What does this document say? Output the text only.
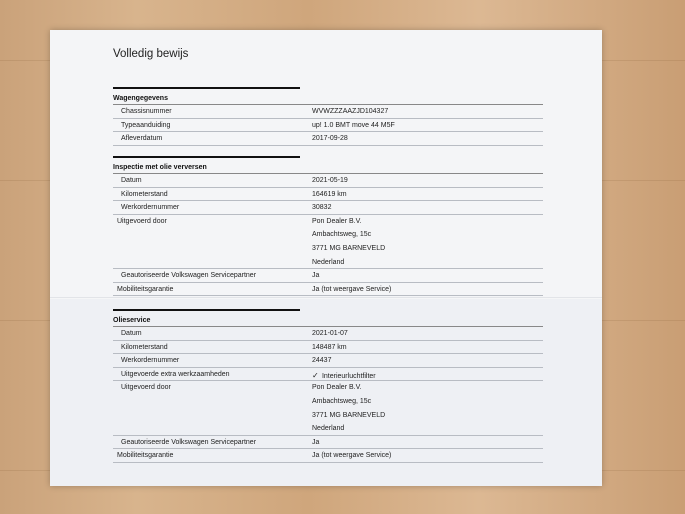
Volledig bewijs
Wagengegevens
Chassisnummer	WVWZZZAAZJD104327
Typeaanduiding	up! 1.0 BMT move 44 M5F
Afleverdatum	2017-09-28
Inspectie met olie verversen
Datum	2021-05-19
Kilometerstand	164619 km
Werkordernummer	30832
Uitgevoerd door	Pon Dealer B.V.
Ambachtsweg, 15c
3771 MG BARNEVELD
Nederland
Geautoriseerde Volkswagen Servicepartner	Ja
Mobiliteitsgarantie	Ja (tot weergave Service)
Olieservice
Datum	2021-01-07
Kilometerstand	148487 km
Werkordernummer	24437
Uitgevoerde extra werkzaamheden	✓ Interieurluchtfilter
Uitgevoerd door	Pon Dealer B.V.
Ambachtsweg, 15c
3771 MG BARNEVELD
Nederland
Geautoriseerde Volkswagen Servicepartner	Ja
Mobiliteitsgarantie	Ja (tot weergave Service)
